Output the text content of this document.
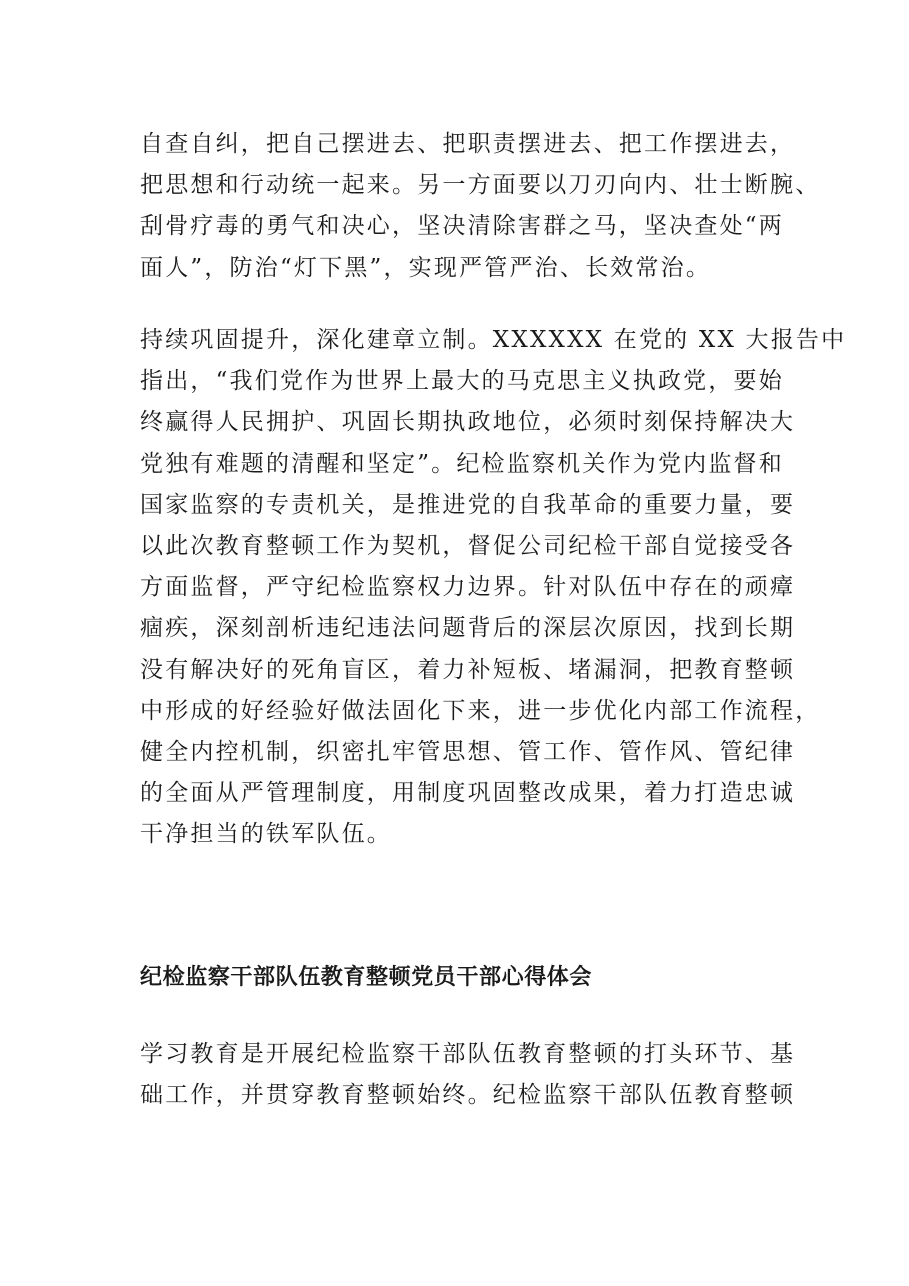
自查自纠，把自己摆进去、把职责摆进去、把工作摆进去，
把思想和行动统一起来。另一方面要以刀刃向内、壮士断腕、
刮骨疗毒的勇气和决心，坚决清除害群之马，坚决查处“两
面人”，防治“灯下黑”，实现严管严治、长效常治。
持续巩固提升，深化建章立制。XXXXXX 在党的 XX 大报告中
指出，“我们党作为世界上最大的马克思主义执政党，要始
终赢得人民拥护、巩固长期执政地位，必须时刻保持解决大
党独有难题的清醒和坚定”。纪检监察机关作为党内监督和
国家监察的专责机关，是推进党的自我革命的重要力量，要
以此次教育整顿工作为契机，督促公司纪检干部自觉接受各
方面监督，严守纪检监察权力边界。针对队伍中存在的顽瘴
痼疾，深刻剖析违纪违法问题背后的深层次原因，找到长期
没有解决好的死角盲区，着力补短板、堵漏洞，把教育整顿
中形成的好经验好做法固化下来，进一步优化内部工作流程，
健全内控机制，织密扎牢管思想、管工作、管作风、管纪律
的全面从严管理制度，用制度巩固整改成果，着力打造忠诚
干净担当的铁军队伍。
纪检监察干部队伍教育整顿党员干部心得体会
学习教育是开展纪检监察干部队伍教育整顿的打头环节、基
础工作，并贯穿教育整顿始终。纪检监察干部队伍教育整顿
